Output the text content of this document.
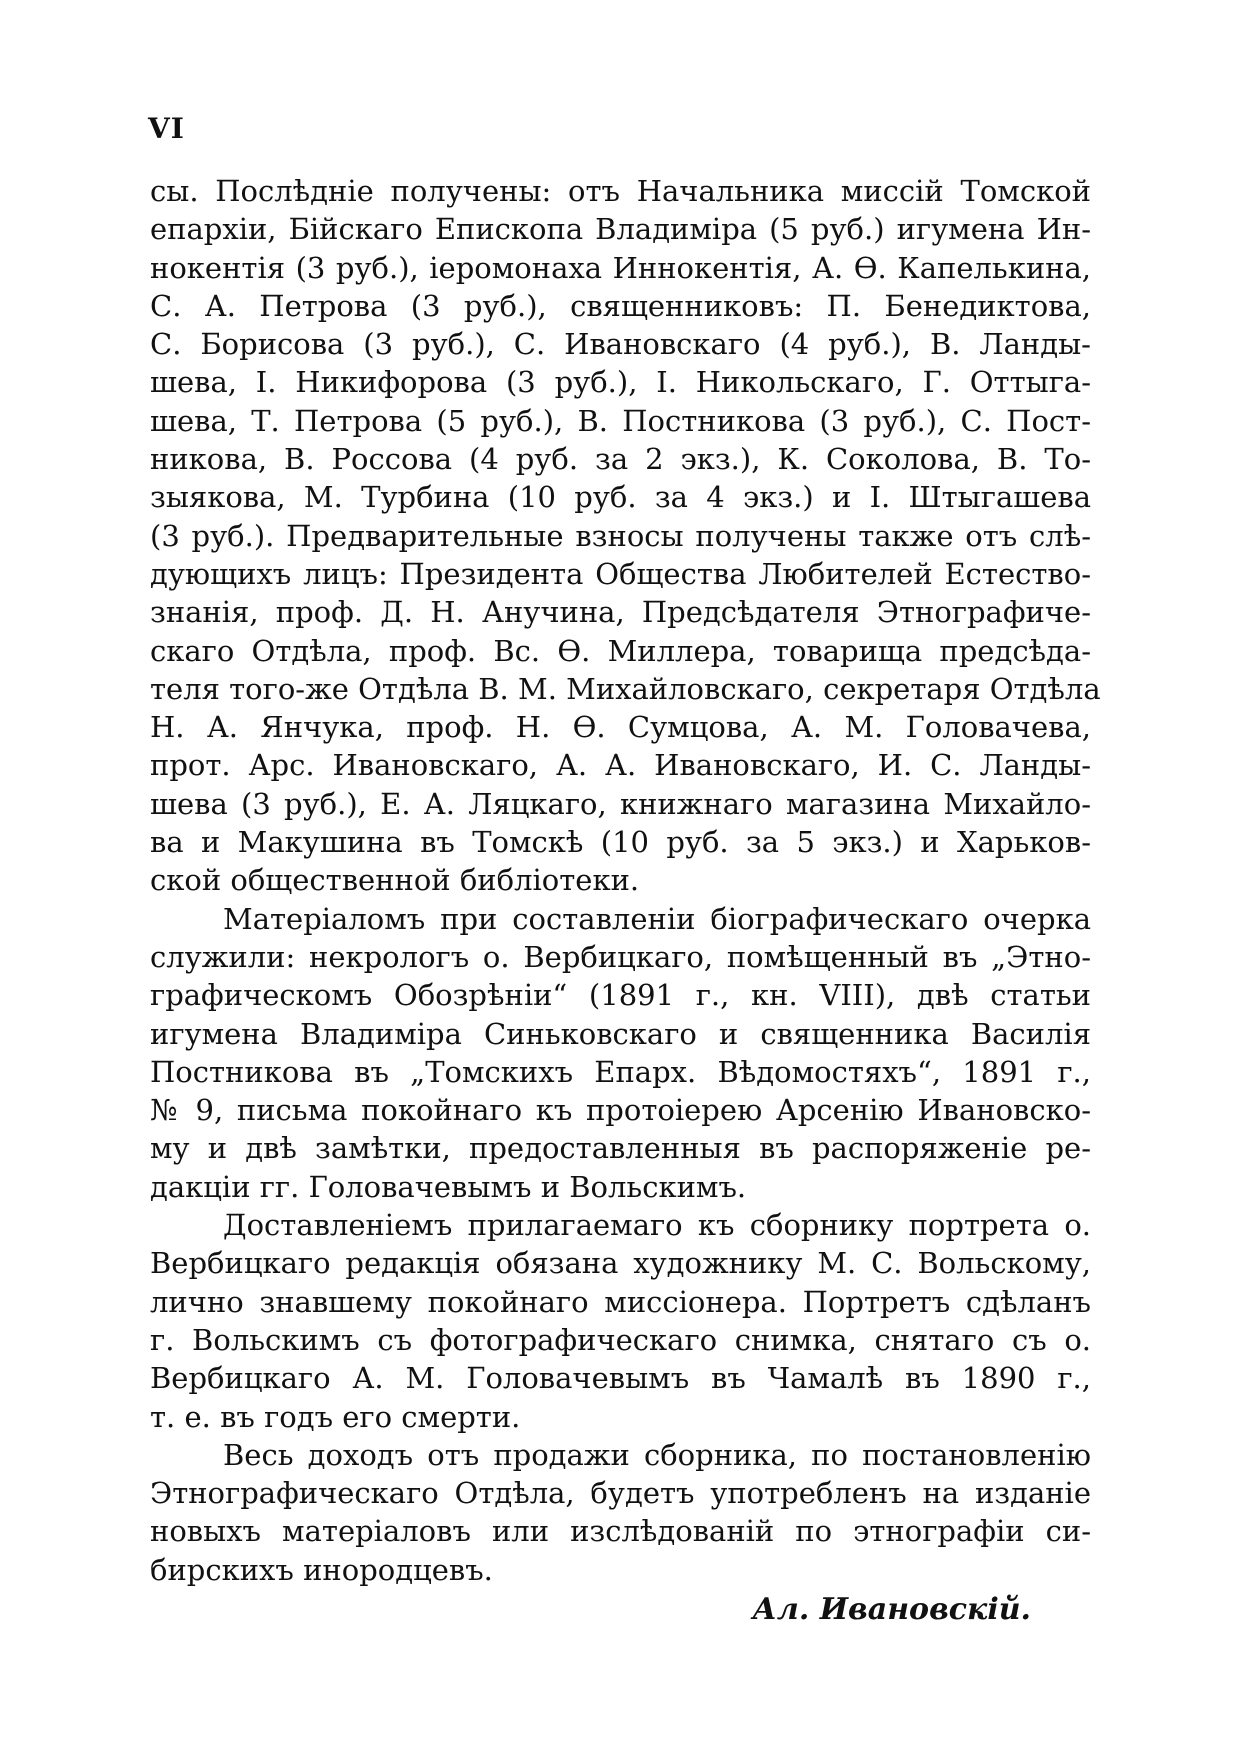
VI
сы. Послѣдніе получены: отъ Начальника миссій Томской
епархіи, Бійскаго Епископа Владиміра (5 руб.) игумена Ин-
нокентія (3 руб.), іеромонаха Иннокентія, А. Ѳ. Капелькина,
С. А. Петрова (3 руб.), священниковъ: П. Бенедиктова,
С. Борисова (3 руб.), С. Ивановскаго (4 руб.), В. Ланды-
шева, І. Никифорова (3 руб.), І. Никольскаго, Г. Оттыга-
шева, Т. Петрова (5 руб.), В. Постникова (3 руб.), С. Пост-
никова, В. Россова (4 руб. за 2 экз.), К. Соколова, В. То-
зыякова, М. Турбина (10 руб. за 4 экз.) и І. Штыгашева
(3 руб.). Предварительные взносы получены также отъ слѣ-
дующихъ лицъ: Президента Общества Любителей Естество-
знанія, проф. Д. Н. Анучина, Предсѣдателя Этнографиче-
скаго Отдѣла, проф. Вс. Ѳ. Миллера, товарища предсѣда-
теля того-же Отдѣла В. М. Михайловскаго, секретаря Отдѣла
Н. А. Янчука, проф. Н. Ѳ. Сумцова, А. М. Головачева,
прот. Арс. Ивановскаго, А. А. Ивановскаго, И. С. Ланды-
шева (3 руб.), Е. А. Ляцкаго, книжнаго магазина Михайло-
ва и Макушина въ Томскѣ (10 руб. за 5 экз.) и Харьков-
ской общественной библіотеки.
Матеріаломъ при составленіи біографическаго очерка
служили: некрологъ о. Вербицкаго, помѣщенный въ „Этно-
графическомъ Обозрѣніи“ (1891 г., кн. VIII), двѣ статьи
игумена Владиміра Синьковскаго и священника Василія
Постникова въ „Томскихъ Епарх. Вѣдомостяхъ“, 1891 г.,
№ 9, письма покойнаго къ протоіерею Арсенію Ивановско-
му и двѣ замѣтки, предоставленныя въ распоряженіе ре-
дакціи гг. Головачевымъ и Вольскимъ.
Доставленіемъ прилагаемаго къ сборнику портрета о.
Вербицкаго редакція обязана художнику М. С. Вольскому,
лично знавшему покойнаго миссіонера. Портретъ сдѣланъ
г. Вольскимъ съ фотографическаго снимка, снятаго съ о.
Вербицкаго А. М. Головачевымъ въ Чамалѣ въ 1890 г.,
т. е. въ годъ его смерти.
Весь доходъ отъ продажи сборника, по постановленію
Этнографическаго Отдѣла, будетъ употребленъ на изданіе
новыхъ матеріаловъ или изслѣдованій по этнографіи си-
бирскихъ инородцевъ.
Ал. Ивановскій.
